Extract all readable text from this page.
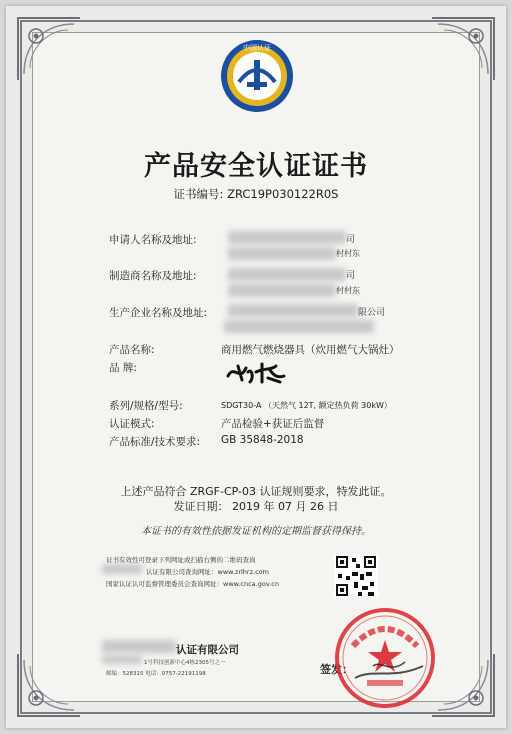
中国认证
产品安全认证证书
证书编号: ZRC19P030122R0S
申请人名称及地址:	司
村村东
制造商名称及地址:	司
村村东
生产企业名称及地址:	限公司
产品名称:	商用燃气燃烧器具（炊用燃气大锅灶）
品 牌:
系列/规格/型号:	SDGT30-A （天然气 12T, 额定热负荷 30kW）
认证模式:	产品检验+获证后监督
产品标准/技术要求: GB 35848-2018
上述产品符合 ZRGF-CP-03 认证规则要求，特发此证。
发证日期： 2019 年 07 月 26 日
本证书的有效性依据发证机构的定期监督获得保持。
证书有效性可登录下列网址或扫描右侧的二维码查询
认证有限公司查询网址：www.zrlhrz.com
国家认证认可监督管理委员会查询网址：www.cnca.gov.cn
认证有限公司
1号科技创新中心4栋2305号之一
邮编：528315 电话：0757-22191198	签发：
